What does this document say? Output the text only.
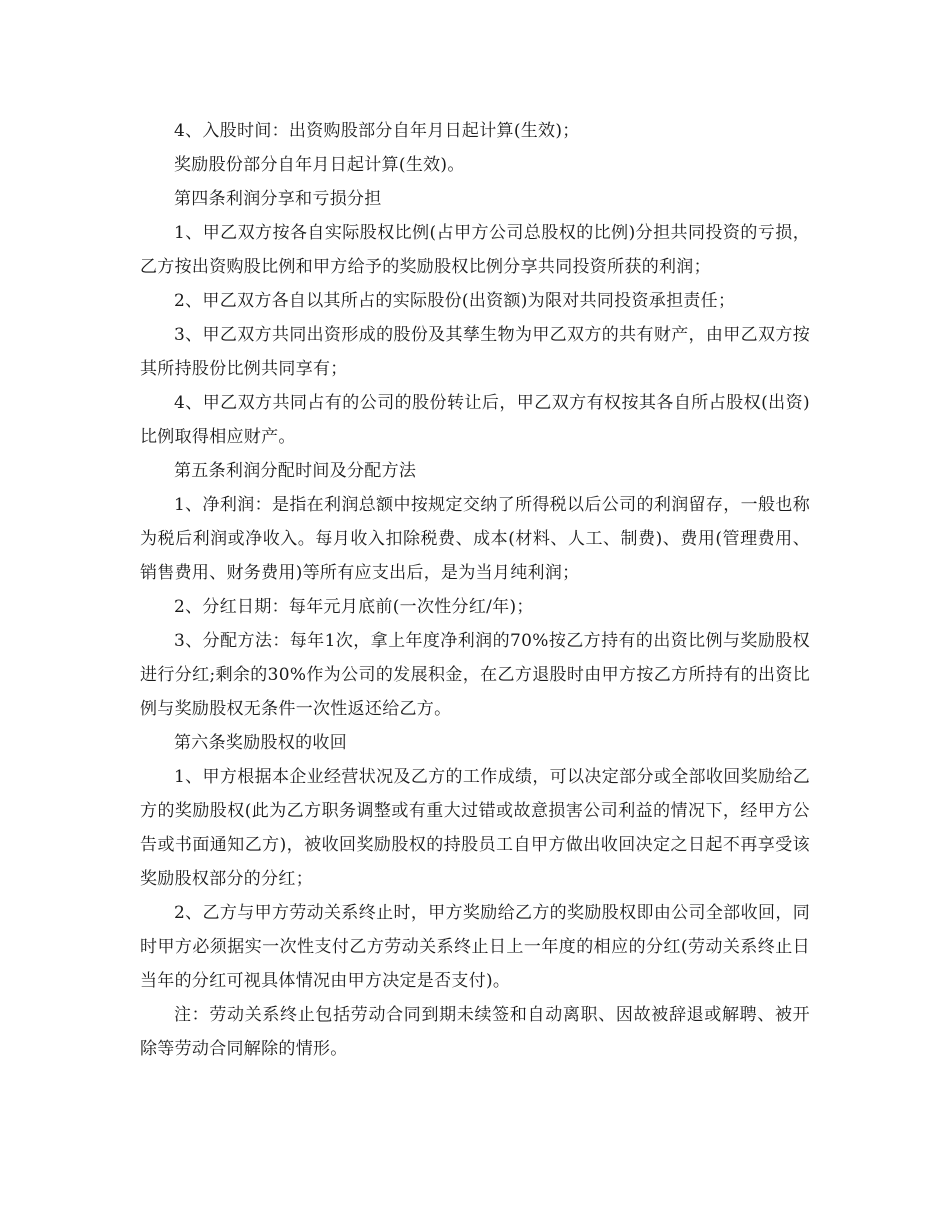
4、入股时间：出资购股部分自年月日起计算(生效)；

奖励股份部分自年月日起计算(生效)。

第四条利润分享和亏损分担

1、甲乙双方按各自实际股权比例(占甲方公司总股权的比例)分担共同投资的亏损，乙方按出资购股比例和甲方给予的奖励股权比例分享共同投资所获的利润；

2、甲乙双方各自以其所占的实际股份(出资额)为限对共同投资承担责任；

3、甲乙双方共同出资形成的股份及其孳生物为甲乙双方的共有财产，由甲乙双方按其所持股份比例共同享有；

4、甲乙双方共同占有的公司的股份转让后，甲乙双方有权按其各自所占股权(出资)比例取得相应财产。

第五条利润分配时间及分配方法

1、净利润：是指在利润总额中按规定交纳了所得税以后公司的利润留存，一般也称为税后利润或净收入。每月收入扣除税费、成本(材料、人工、制费)、费用(管理费用、销售费用、财务费用)等所有应支出后，是为当月纯利润；

2、分红日期：每年元月底前(一次性分红/年)；

3、分配方法：每年1次，拿上年度净利润的70%按乙方持有的出资比例与奖励股权进行分红;剩余的30%作为公司的发展积金，在乙方退股时由甲方按乙方所持有的出资比例与奖励股权无条件一次性返还给乙方。

第六条奖励股权的收回

1、甲方根据本企业经营状况及乙方的工作成绩，可以决定部分或全部收回奖励给乙方的奖励股权(此为乙方职务调整或有重大过错或故意损害公司利益的情况下，经甲方公告或书面通知乙方)，被收回奖励股权的持股员工自甲方做出收回决定之日起不再享受该奖励股权部分的分红；

2、乙方与甲方劳动关系终止时，甲方奖励给乙方的奖励股权即由公司全部收回，同时甲方必须据实一次性支付乙方劳动关系终止日上一年度的相应的分红(劳动关系终止日当年的分红可视具体情况由甲方决定是否支付)。

注：劳动关系终止包括劳动合同到期未续签和自动离职、因故被辞退或解聘、被开除等劳动合同解除的情形。
